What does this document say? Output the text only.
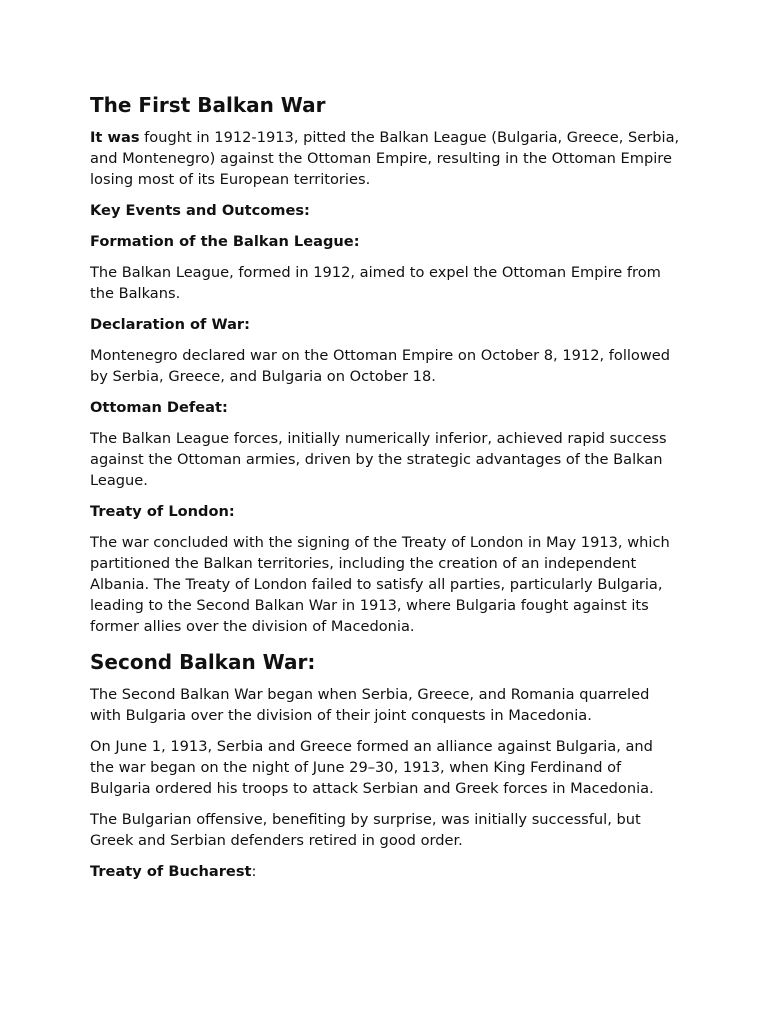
The First Balkan War

It was fought in 1912-1913, pitted the Balkan League (Bulgaria, Greece, Serbia, and Montenegro) against the Ottoman Empire, resulting in the Ottoman Empire losing most of its European territories.

Key Events and Outcomes:

Formation of the Balkan League:

The Balkan League, formed in 1912, aimed to expel the Ottoman Empire from the Balkans.

Declaration of War:

Montenegro declared war on the Ottoman Empire on October 8, 1912, followed by Serbia, Greece, and Bulgaria on October 18.

Ottoman Defeat:

The Balkan League forces, initially numerically inferior, achieved rapid success against the Ottoman armies, driven by the strategic advantages of the Balkan League.

Treaty of London:

The war concluded with the signing of the Treaty of London in May 1913, which partitioned the Balkan territories, including the creation of an independent Albania. The Treaty of London failed to satisfy all parties, particularly Bulgaria, leading to the Second Balkan War in 1913, where Bulgaria fought against its former allies over the division of Macedonia.

Second Balkan War:

The Second Balkan War began when Serbia, Greece, and Romania quarreled with Bulgaria over the division of their joint conquests in Macedonia.

On June 1, 1913, Serbia and Greece formed an alliance against Bulgaria, and the war began on the night of June 29–30, 1913, when King Ferdinand of Bulgaria ordered his troops to attack Serbian and Greek forces in Macedonia.

The Bulgarian offensive, benefiting by surprise, was initially successful, but Greek and Serbian defenders retired in good order.

Treaty of Bucharest:
